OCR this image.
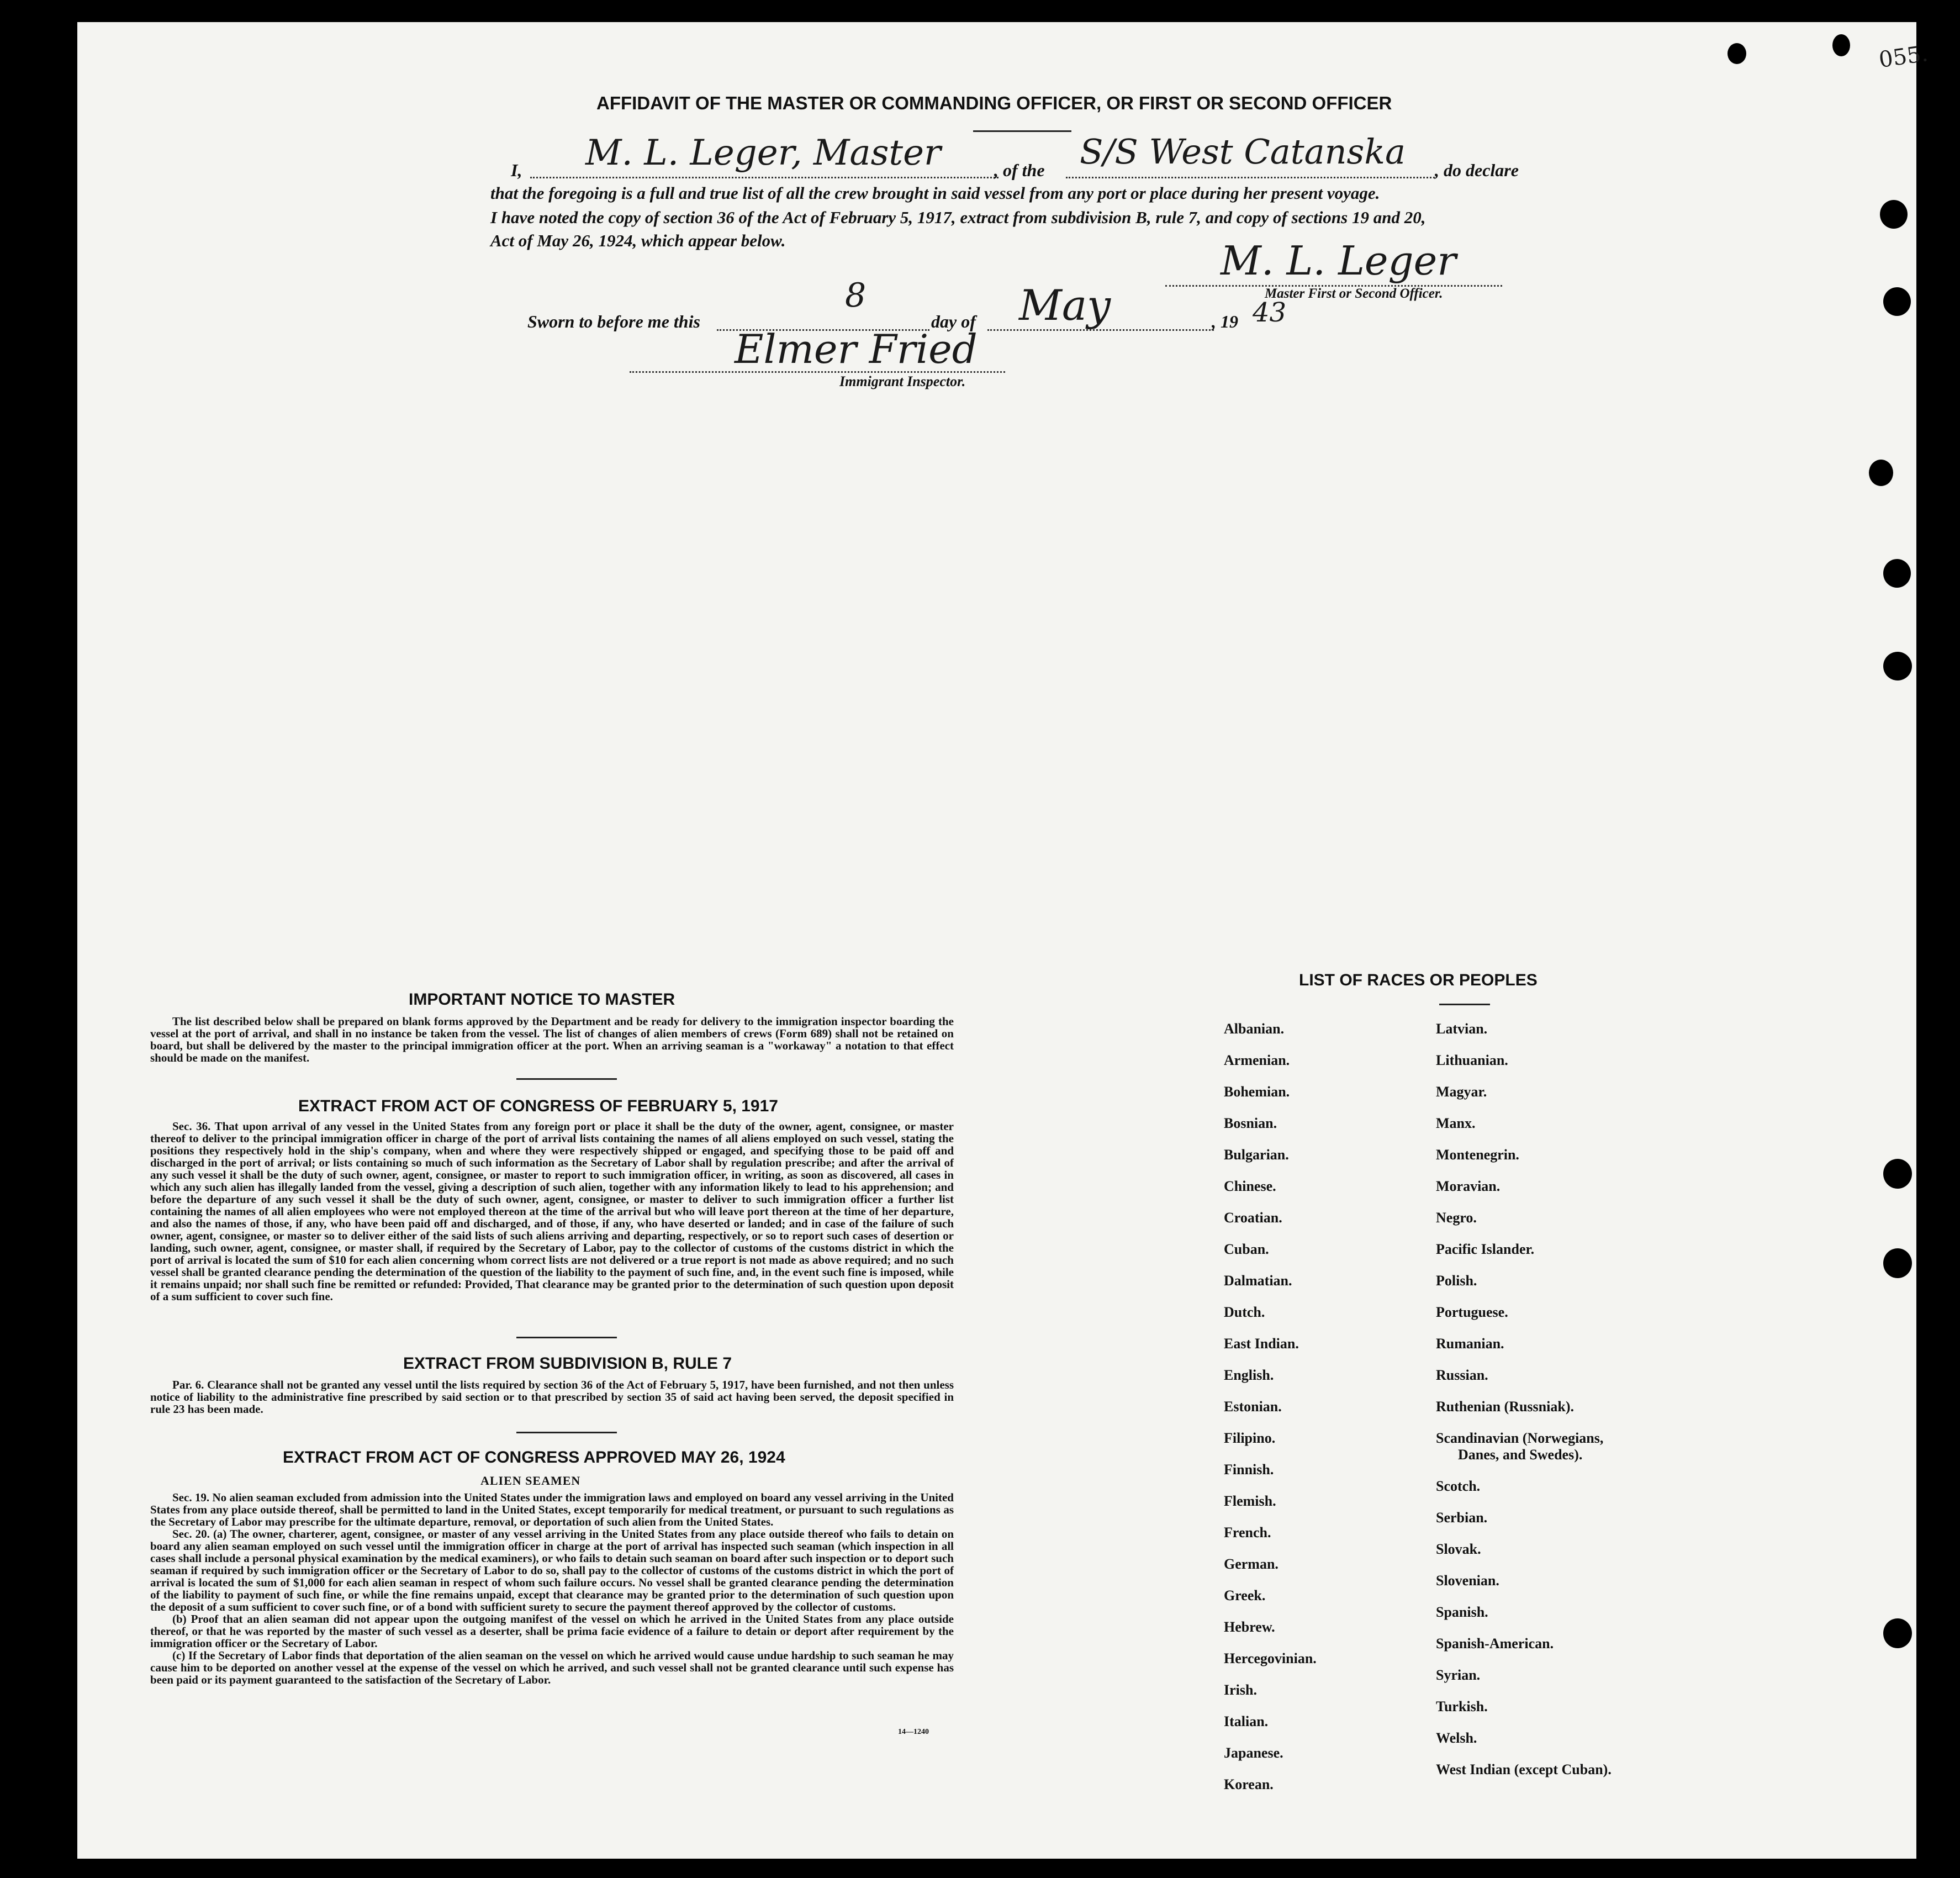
055.
AFFIDAVIT OF THE MASTER OR COMMANDING OFFICER, OR FIRST OR SECOND OFFICER
I, M. L. Leger, Master	, of the S/S West Catanska , do declare
that the foregoing is a full and true list of all the crew brought in said vessel from any port or place during her present voyage.
I have noted the copy of section 36 of the Act of February 5, 1917, extract from subdivision B, rule 7, and copy of sections 19 and 20,
Act of May 26, 1924, which appear below.	M. L. Leger
Master First or Second Officer.
Sworn to before me this
8
day of May	, 19 43
Elmer Fried
Immigrant Inspector.
IMPORTANT NOTICE TO MASTER
The list described below shall be prepared on blank forms approved by the Department and be ready for delivery to the immigration inspector boarding the vessel at the port of arrival, and shall in no instance be taken from the vessel. The list of changes of alien members of crews (Form 689) shall not be retained on board, but shall be delivered by the master to the principal immigration officer at the port. When an arriving seaman is a "workaway" a notation to that effect should be made on the manifest.
EXTRACT FROM ACT OF CONGRESS OF FEBRUARY 5, 1917
Sec. 36. That upon arrival of any vessel in the United States from any foreign port or place it shall be the duty of the owner, agent, consignee, or master thereof to deliver to the principal immigration officer in charge of the port of arrival lists containing the names of all aliens employed on such vessel, stating the positions they respectively hold in the ship's company, when and where they were respectively shipped or engaged, and specifying those to be paid off and discharged in the port of arrival; or lists containing so much of such information as the Secretary of Labor shall by regulation prescribe; and after the arrival of any such vessel it shall be the duty of such owner, agent, consignee, or master to report to such immigration officer, in writing, as soon as discovered, all cases in which any such alien has illegally landed from the vessel, giving a description of such alien, together with any information likely to lead to his apprehension; and before the departure of any such vessel it shall be the duty of such owner, agent, consignee, or master to deliver to such immigration officer a further list containing the names of all alien employees who were not employed thereon at the time of the arrival but who will leave port thereon at the time of her departure, and also the names of those, if any, who have been paid off and discharged, and of those, if any, who have deserted or landed; and in case of the failure of such owner, agent, consignee, or master so to deliver either of the said lists of such aliens arriving and departing, respectively, or so to report such cases of desertion or landing, such owner, agent, consignee, or master shall, if required by the Secretary of Labor, pay to the collector of customs of the customs district in which the port of arrival is located the sum of $10 for each alien concerning whom correct lists are not delivered or a true report is not made as above required; and no such vessel shall be granted clearance pending the determination of the question of the liability to the payment of such fine, and, in the event such fine is imposed, while it remains unpaid; nor shall such fine be remitted or refunded: Provided, That clearance may be granted prior to the determination of such question upon deposit of a sum sufficient to cover such fine.
EXTRACT FROM SUBDIVISION B, RULE 7
Par. 6. Clearance shall not be granted any vessel until the lists required by section 36 of the Act of February 5, 1917, have been furnished, and not then unless notice of liability to the administrative fine prescribed by said section or to that prescribed by section 35 of said act having been served, the deposit specified in rule 23 has been made.
EXTRACT FROM ACT OF CONGRESS APPROVED MAY 26, 1924
ALIEN SEAMEN
Sec. 19. No alien seaman excluded from admission into the United States under the immigration laws and employed on board any vessel arriving in the United States from any place outside thereof, shall be permitted to land in the United States, except temporarily for medical treatment, or pursuant to such regulations as the Secretary of Labor may prescribe for the ultimate departure, removal, or deportation of such alien from the United States.
Sec. 20. (a) The owner, charterer, agent, consignee, or master of any vessel arriving in the United States from any place outside thereof who fails to detain on board any alien seaman employed on such vessel until the immigration officer in charge at the port of arrival has inspected such seaman (which inspection in all cases shall include a personal physical examination by the medical examiners), or who fails to detain such seaman on board after such inspection or to deport such seaman if required by such immigration officer or the Secretary of Labor to do so, shall pay to the collector of customs of the customs district in which the port of arrival is located the sum of $1,000 for each alien seaman in respect of whom such failure occurs. No vessel shall be granted clearance pending the determination of the liability to payment of such fine, or while the fine remains unpaid, except that clearance may be granted prior to the determination of such question upon the deposit of a sum sufficient to cover such fine, or of a bond with sufficient surety to secure the payment thereof approved by the collector of customs.
(b) Proof that an alien seaman did not appear upon the outgoing manifest of the vessel on which he arrived in the United States from any place outside thereof, or that he was reported by the master of such vessel as a deserter, shall be prima facie evidence of a failure to detain or deport after requirement by the immigration officer or the Secretary of Labor.
(c) If the Secretary of Labor finds that deportation of the alien seaman on the vessel on which he arrived would cause undue hardship to such seaman he may cause him to be deported on another vessel at the expense of the vessel on which he arrived, and such vessel shall not be granted clearance until such expense has been paid or its payment guaranteed to the satisfaction of the Secretary of Labor.
14—1240
LIST OF RACES OR PEOPLES
Albanian.
Armenian.
Bohemian.
Bosnian.
Bulgarian.
Chinese.
Croatian.
Cuban.
Dalmatian.
Dutch.
East Indian.
English.
Estonian.
Filipino.
Finnish.
Flemish.
French.
German.
Greek.
Hebrew.
Hercegovinian.
Irish.
Italian.
Japanese.
Korean.
Latvian.
Lithuanian.
Magyar.
Manx.
Montenegrin.
Moravian.
Negro.
Pacific Islander.
Polish.
Portuguese.
Rumanian.
Russian.
Ruthenian (Russniak).
Scandinavian (Norwegians,
Danes, and Swedes).
Scotch.
Serbian.
Slovak.
Slovenian.
Spanish.
Spanish-American.
Syrian.
Turkish.
Welsh.
West Indian (except Cuban).
